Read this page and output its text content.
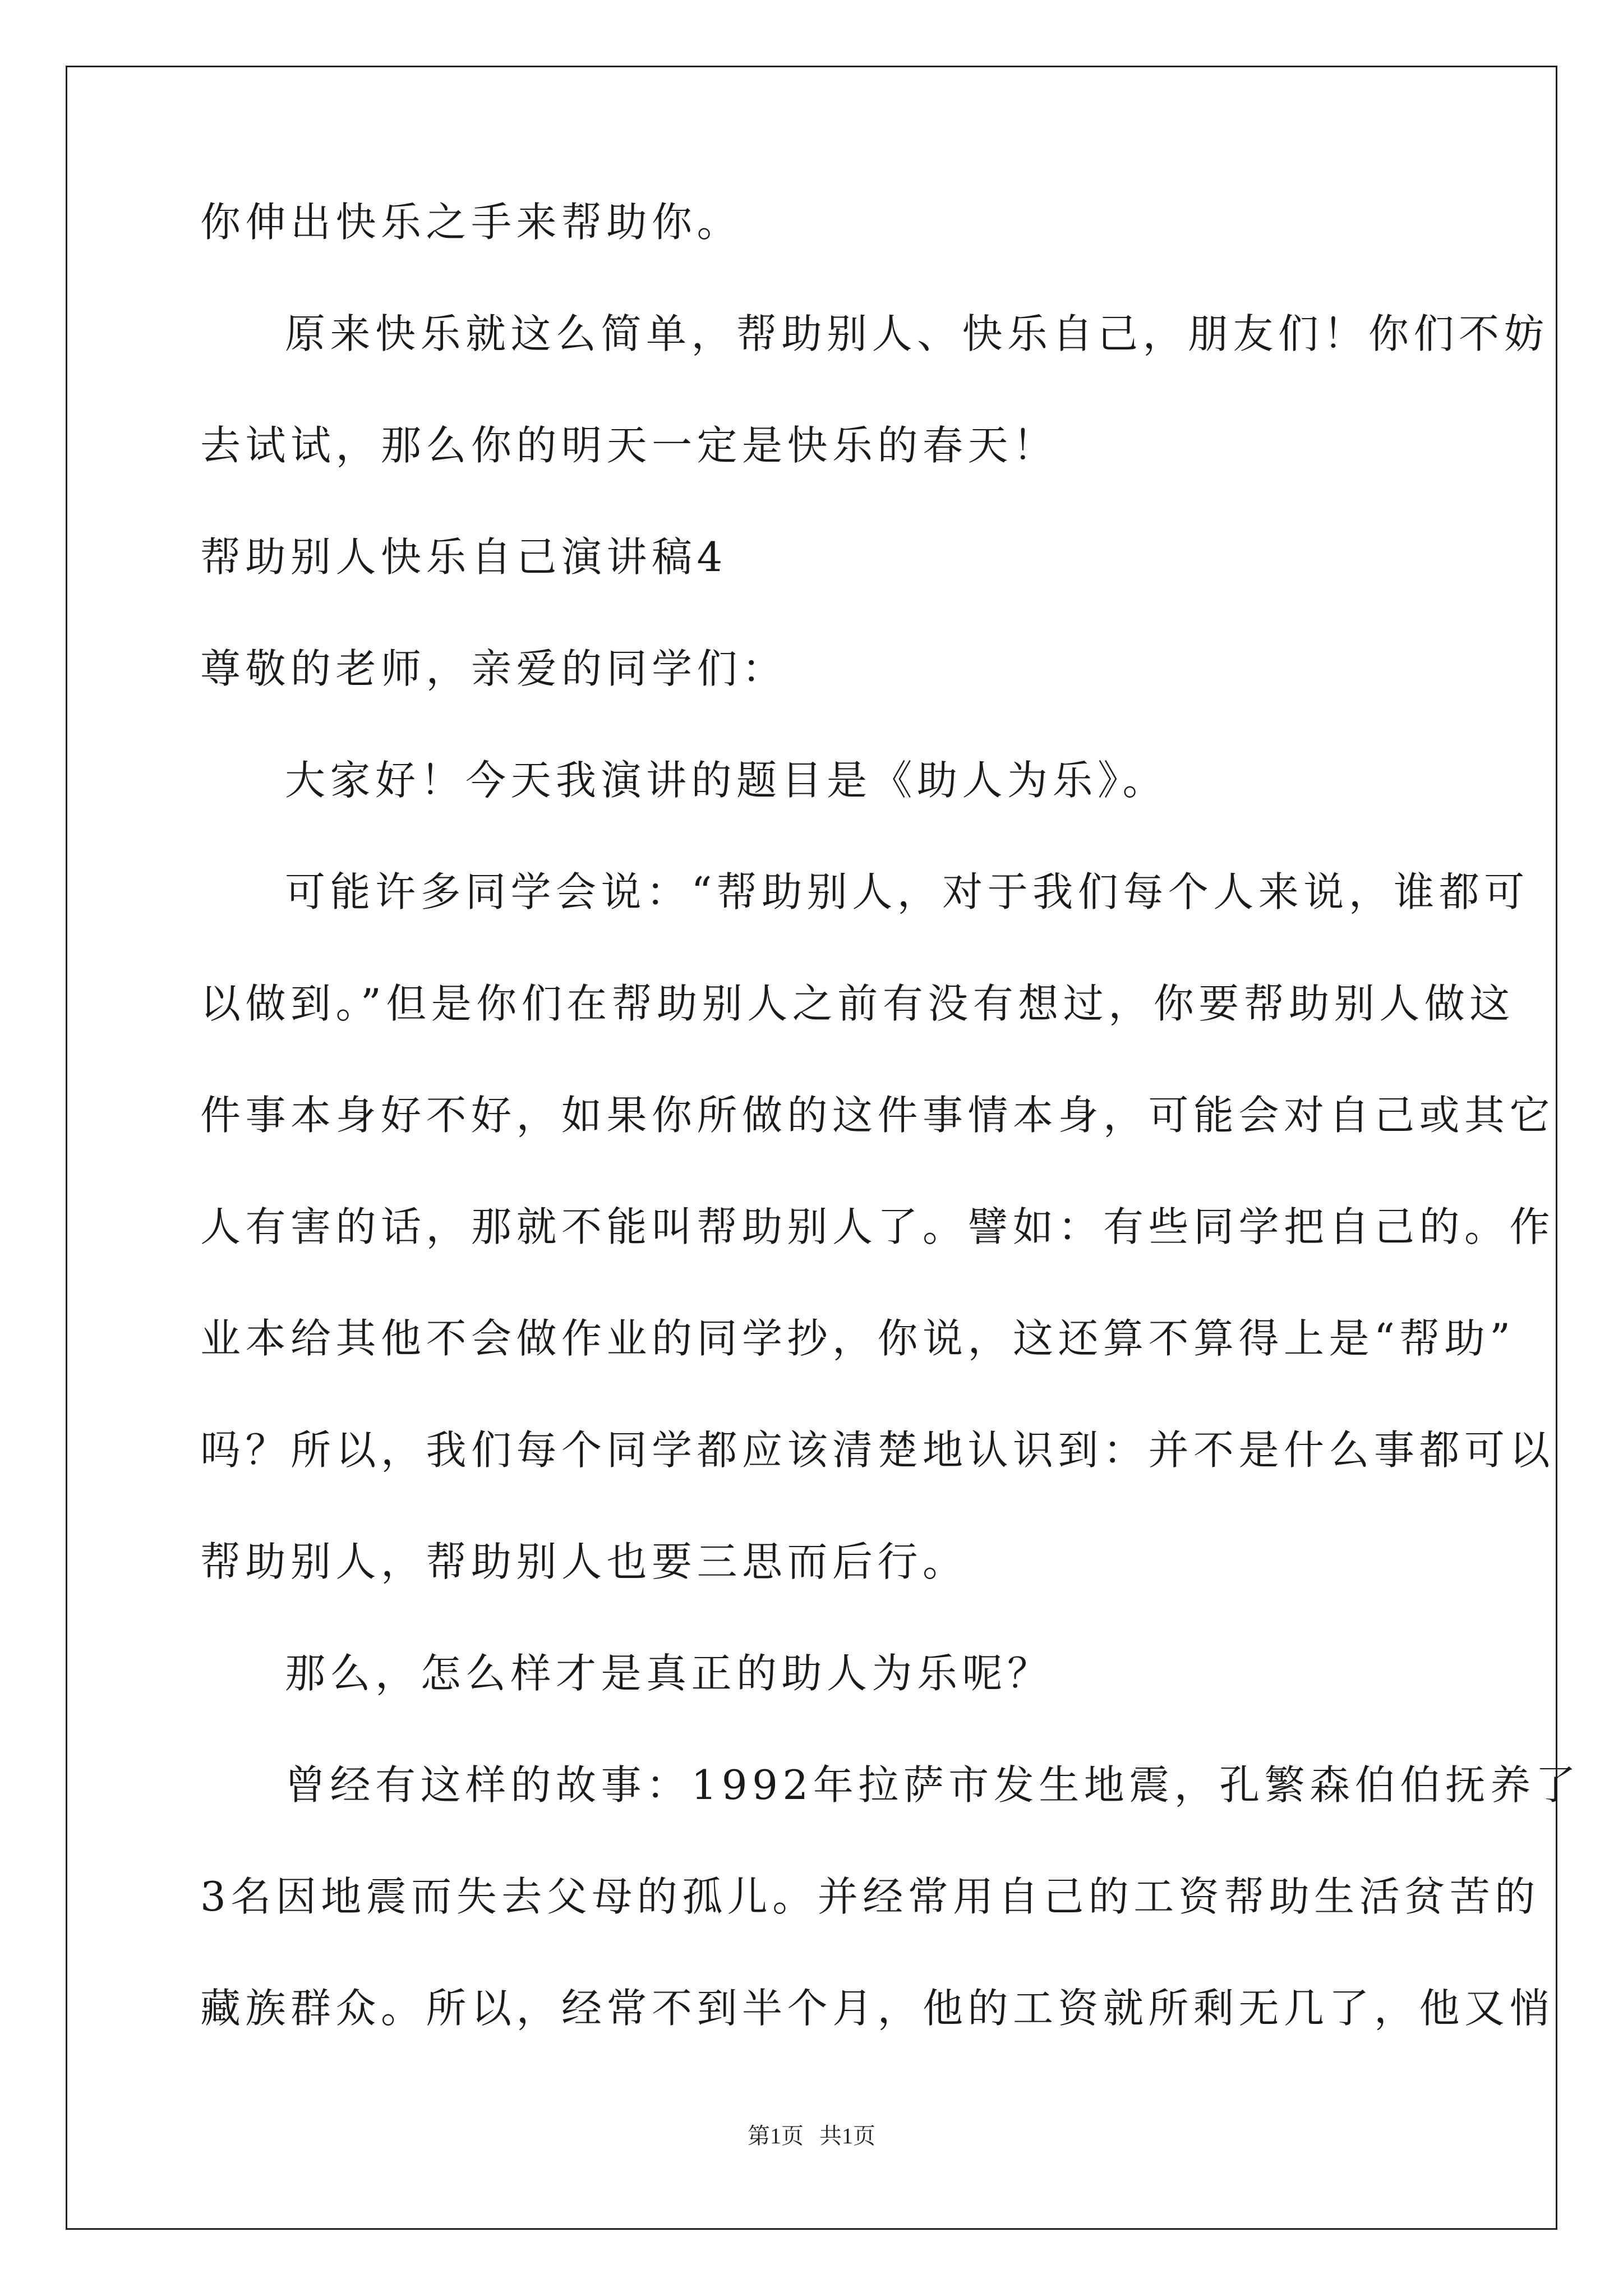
你伸出快乐之手来帮助你。

原来快乐就这么简单，帮助别人、快乐自己，朋友们！你们不妨

去试试，那么你的明天一定是快乐的春天！

帮助别人快乐自己演讲稿4

尊敬的老师，亲爱的同学们：

大家好！今天我演讲的题目是《助人为乐》。

可能许多同学会说：“帮助别人，对于我们每个人来说，谁都可

以做到。”但是你们在帮助别人之前有没有想过，你要帮助别人做这

件事本身好不好，如果你所做的这件事情本身，可能会对自己或其它

人有害的话，那就不能叫帮助别人了。譬如：有些同学把自己的。作

业本给其他不会做作业的同学抄，你说，这还算不算得上是“帮助”

吗？所以，我们每个同学都应该清楚地认识到：并不是什么事都可以

帮助别人，帮助别人也要三思而后行。

那么，怎么样才是真正的助人为乐呢？

曾经有这样的故事：1992年拉萨市发生地震，孔繁森伯伯抚养了

3名因地震而失去父母的孤儿。并经常用自己的工资帮助生活贫苦的

藏族群众。所以，经常不到半个月，他的工资就所剩无几了，他又悄

第1页 共1页
